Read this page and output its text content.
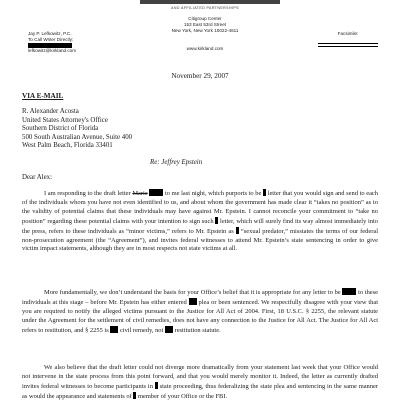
AND AFFILIATED PARTNERSHIPS
Jay P. Lefkowitz, P.C.
To Call Writer Directly:
lefkowitz@kirkland.com
Citigroup Center
153 East 53rd Street
New York, New York 10022-4611
www.kirkland.com
Facsimile:
November 29, 2007
VIA E-MAIL
R. Alexander Acosta
United States Attorney's Office
Southern District of Florida
500 South Australian Avenue, Suite 400
West Palm Beach, Florida 33401
Re: Jeffrey Epstein
Dear Alex:

I am responding to the draft letter Marie	to me last night, which purports to be letter that you would sign and send to each of the individuals whom you have not even identified to us, and about whom the government has made clear it “takes no position” as to the validity of potential claims that these individuals may have against Mr. Epstein. I cannot reconcile your commitment to “take no position” regarding these potential claims with your intention to sign such letter, which will surely find its way almost immediately into the press, refers to these individuals as “minor victims,” refers to Mr. Epstein as “sexual predator,” misstates the terms of our federal non-prosecution agreement (the “Agreement”), and invites federal witnesses to attend Mr. Epstein’s state sentencing in order to give victim impact statements, although they are in most respects not state victims at all.

More fundamentally, we don’t understand the basis for your Office’s belief that it is appropriate for any letter to be	to these individuals at this stage – before Mr. Epstein has either entered plea or been sentenced. We respectfully disagree with your view that you are required to notify the alleged victims pursuant to the Justice for All Act of 2004. First, 18 U.S.C. § 2255, the relevant statute under the Agreement for the settlement of civil remedies, does not have any connection to the Justice for All Act. The Justice for All Act refers to restitution, and § 2255 is civil remedy, not restitution statute.

We also believe that the draft letter could not diverge more dramatically from your statement last week that your Office would not intervene in the state process from this point forward, and that you would merely monitor it. Indeed, the letter as currently drafted invites federal witnesses to become participants in state proceeding, thus federalizing the state plea and sentencing in the same manner as would the appearance and statements of member of your Office or the FBI.
